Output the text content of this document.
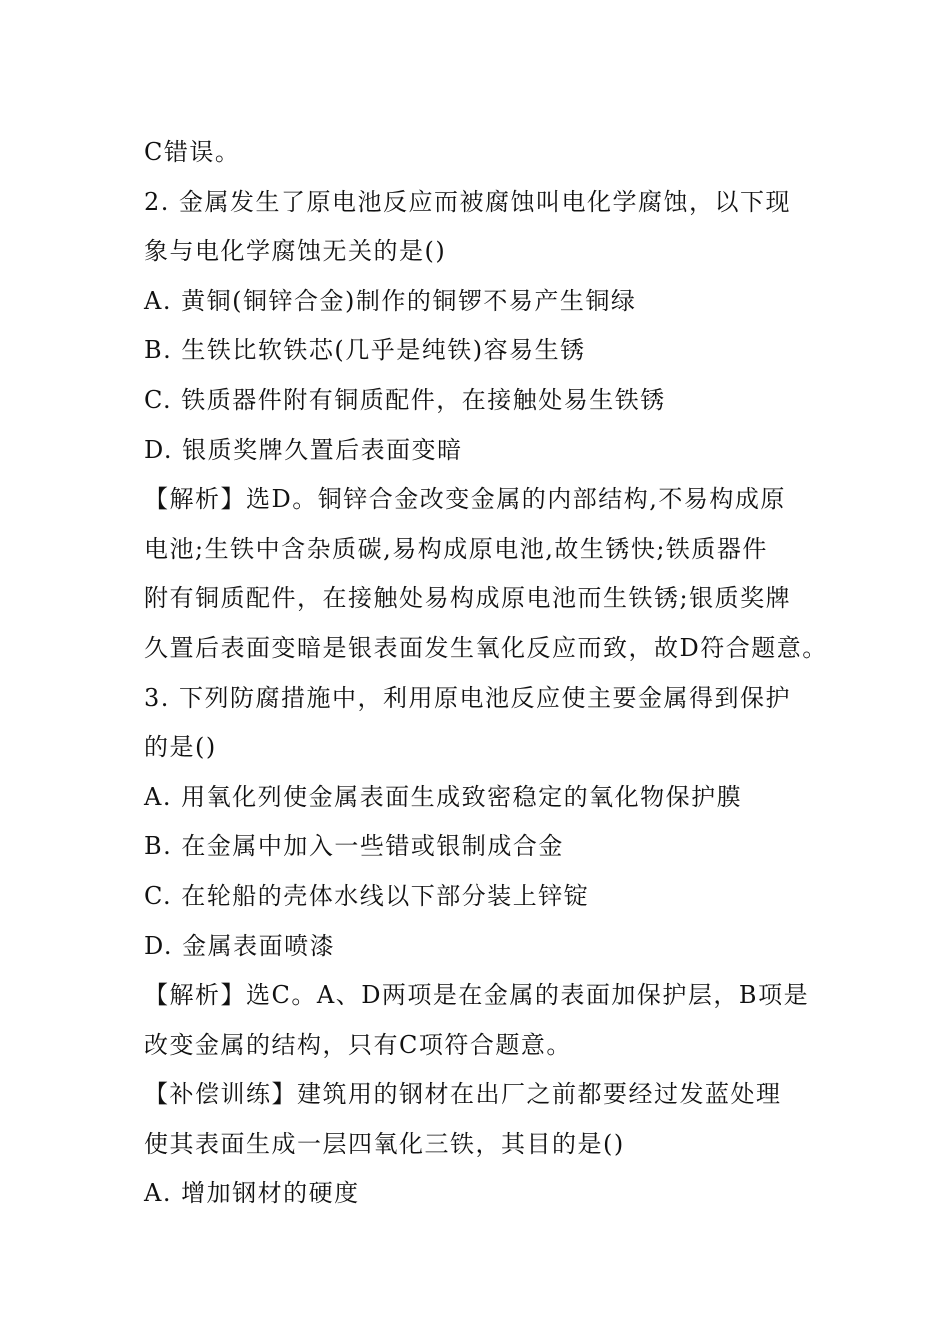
C错误。
2. 金属发生了原电池反应而被腐蚀叫电化学腐蚀，以下现
象与电化学腐蚀无关的是()
A. 黄铜(铜锌合金)制作的铜锣不易产生铜绿
B. 生铁比软铁芯(几乎是纯铁)容易生锈
C. 铁质器件附有铜质配件，在接触处易生铁锈
D. 银质奖牌久置后表面变暗
【解析】选D。铜锌合金改变金属的内部结构,不易构成原
电池;生铁中含杂质碳,易构成原电池,故生锈快;铁质器件
附有铜质配件，在接触处易构成原电池而生铁锈;银质奖牌
久置后表面变暗是银表面发生氧化反应而致，故D符合题意。
3. 下列防腐措施中，利用原电池反应使主要金属得到保护
的是()
A. 用氧化列使金属表面生成致密稳定的氧化物保护膜
B. 在金属中加入一些错或银制成合金
C. 在轮船的壳体水线以下部分装上锌锭
D. 金属表面喷漆
【解析】选C。A、D两项是在金属的表面加保护层，B项是
改变金属的结构，只有C项符合题意。
【补偿训练】建筑用的钢材在出厂之前都要经过发蓝处理
使其表面生成一层四氧化三铁，其目的是()
A. 增加钢材的硬度
